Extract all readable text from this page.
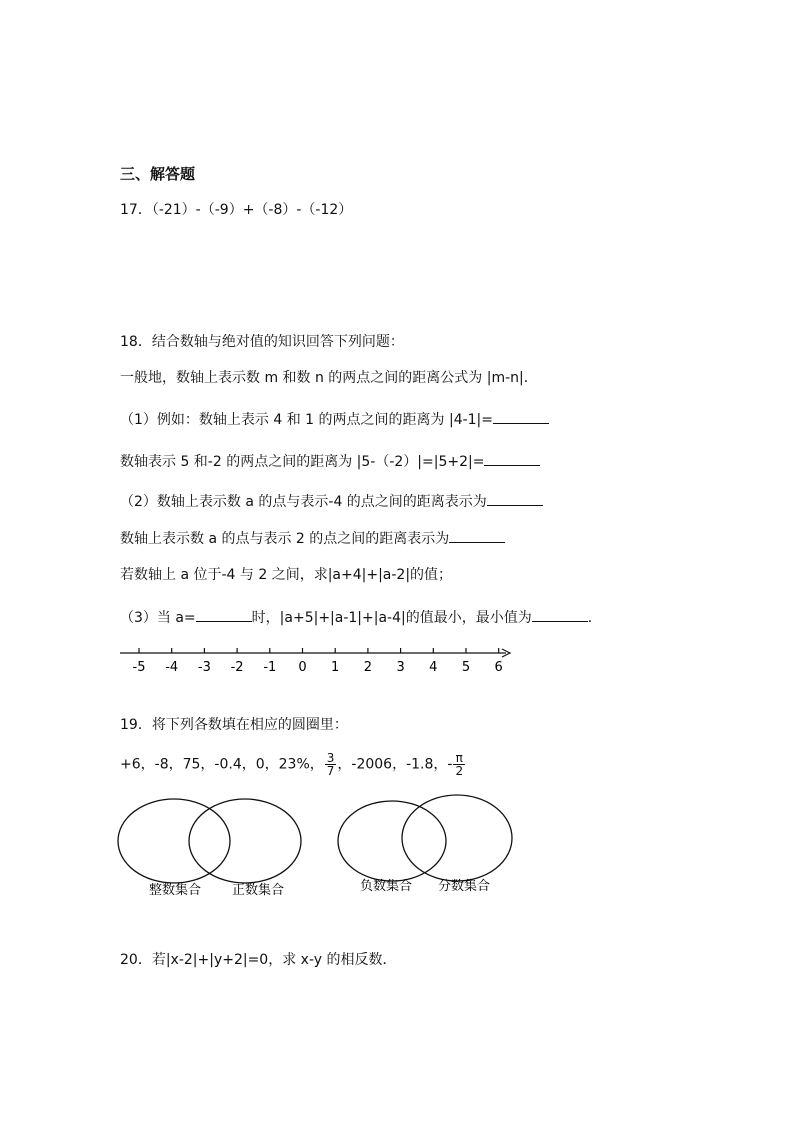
三、解答题
17．（-21）-（-9）+（-8）-（-12）
18．结合数轴与绝对值的知识回答下列问题：
一般地，数轴上表示数 m 和数 n 的两点之间的距离公式为 |m-n|．
（1）例如：数轴上表示 4 和 1 的两点之间的距离为 |4-1|=
数轴表示 5 和-2 的两点之间的距离为 |5-（-2）|=|5+2|=
（2）数轴上表示数 a 的点与表示-4 的点之间的距离表示为
数轴上表示数 a 的点与表示 2 的点之间的距离表示为
若数轴上 a 位于-4 与 2 之间，求|a+4|+|a-2|的值；
（3）当 a=	时，|a+5|+|a-1|+|a-4|的值最小，最小值为	．
-5 -4 -3 -2 -1 0 1 2 3 4 5 6
19．将下列各数填在相应的圆圈里：
+6，-8，75，-0.4，0，23%， $\frac{3}{7}$ ，-2006，-1.8，- $\frac{\pi}{2}$
整数集合 正数集合	负数集合 分数集合
20．若|x-2|+|y+2|=0，求 x-y 的相反数．
